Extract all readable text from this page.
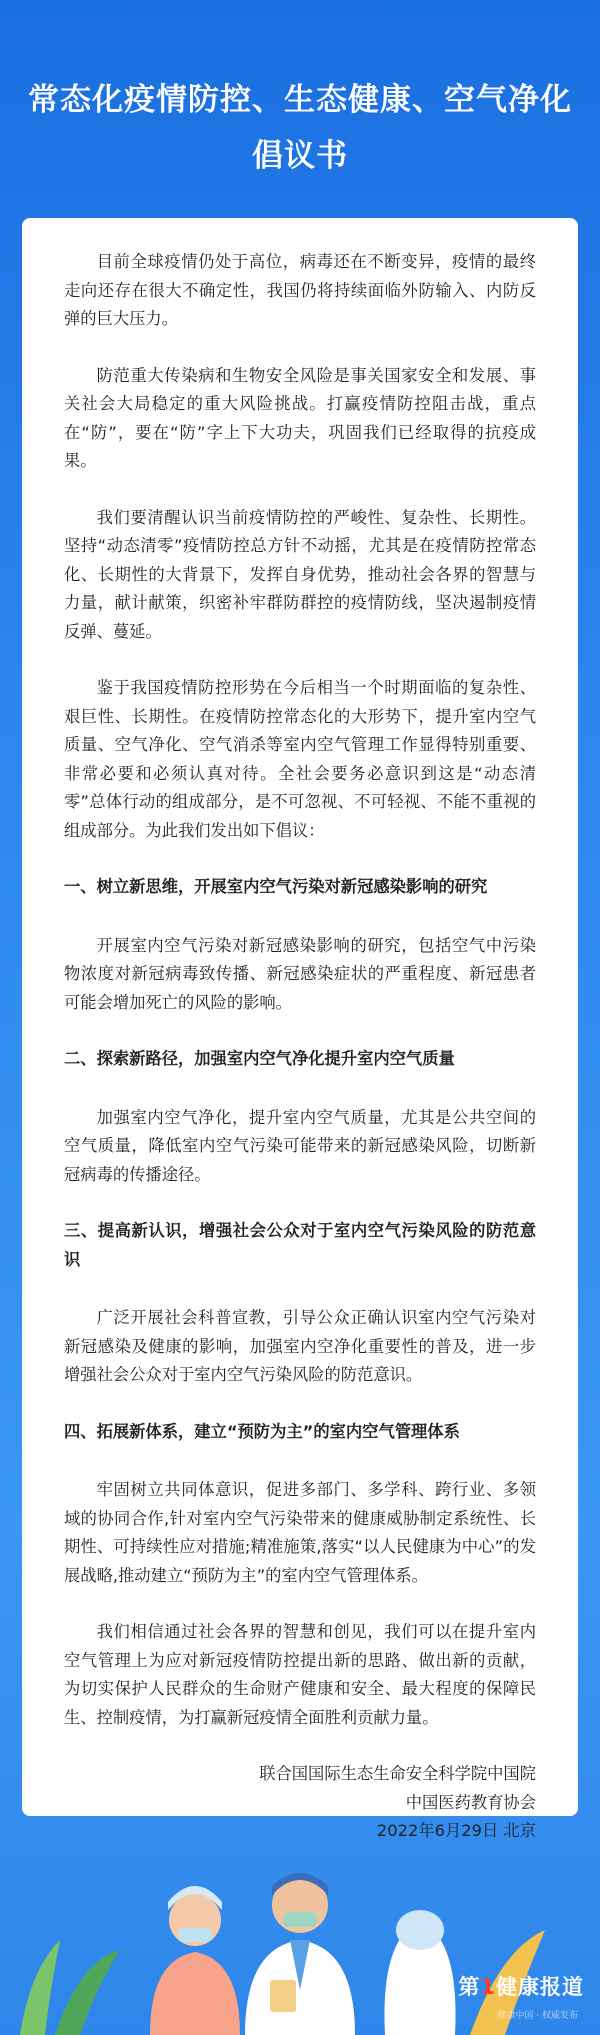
常态化疫情防控、生态健康、空气净化
倡议书

目前全球疫情仍处于高位，病毒还在不断变异，疫情的最终走向还存在很大不确定性，我国仍将持续面临外防输入、内防反弹的巨大压力。

防范重大传染病和生物安全风险是事关国家安全和发展、事关社会大局稳定的重大风险挑战。打赢疫情防控阻击战，重点在“防”，要在“防”字上下大功夫，巩固我们已经取得的抗疫成果。

我们要清醒认识当前疫情防控的严峻性、复杂性、长期性。坚持“动态清零”疫情防控总方针不动摇，尤其是在疫情防控常态化、长期性的大背景下，发挥自身优势，推动社会各界的智慧与力量，献计献策，织密补牢群防群控的疫情防线，坚决遏制疫情反弹、蔓延。

鉴于我国疫情防控形势在今后相当一个时期面临的复杂性、艰巨性、长期性。在疫情防控常态化的大形势下，提升室内空气质量、空气净化、空气消杀等室内空气管理工作显得特别重要、非常必要和必须认真对待。全社会要务必意识到这是“动态清零”总体行动的组成部分，是不可忽视、不可轻视、不能不重视的组成部分。为此我们发出如下倡议：

一、树立新思维，开展室内空气污染对新冠感染影响的研究

开展室内空气污染对新冠感染影响的研究，包括空气中污染物浓度对新冠病毒致传播、新冠感染症状的严重程度、新冠患者可能会增加死亡的风险的影响。

二、探索新路径，加强室内空气净化提升室内空气质量

加强室内空气净化，提升室内空气质量，尤其是公共空间的空气质量，降低室内空气污染可能带来的新冠感染风险，切断新冠病毒的传播途径。

三、提高新认识，增强社会公众对于室内空气污染风险的防范意识

广泛开展社会科普宣教，引导公众正确认识室内空气污染对新冠感染及健康的影响，加强室内空净化重要性的普及，进一步增强社会公众对于室内空气污染风险的防范意识。

四、拓展新体系，建立“预防为主”的室内空气管理体系

牢固树立共同体意识，促进多部门、多学科、跨行业、多领域的协同合作,针对室内空气污染带来的健康威胁制定系统性、长期性、可持续性应对措施;精准施策,落实“以人民健康为中心”的发展战略,推动建立“预防为主”的室内空气管理体系。

我们相信通过社会各界的智慧和创见，我们可以在提升室内空气管理上为应对新冠疫情防控提出新的思路、做出新的贡献，为切实保护人民群众的生命财产健康和安全、最大程度的保障民生、控制疫情，为打赢新冠疫情全面胜利贡献力量。

联合国国际生态生命安全科学院中国院

中国医药教育协会

2022年6月29日 北京

第1健康报道
健康中国 · 权威发布
